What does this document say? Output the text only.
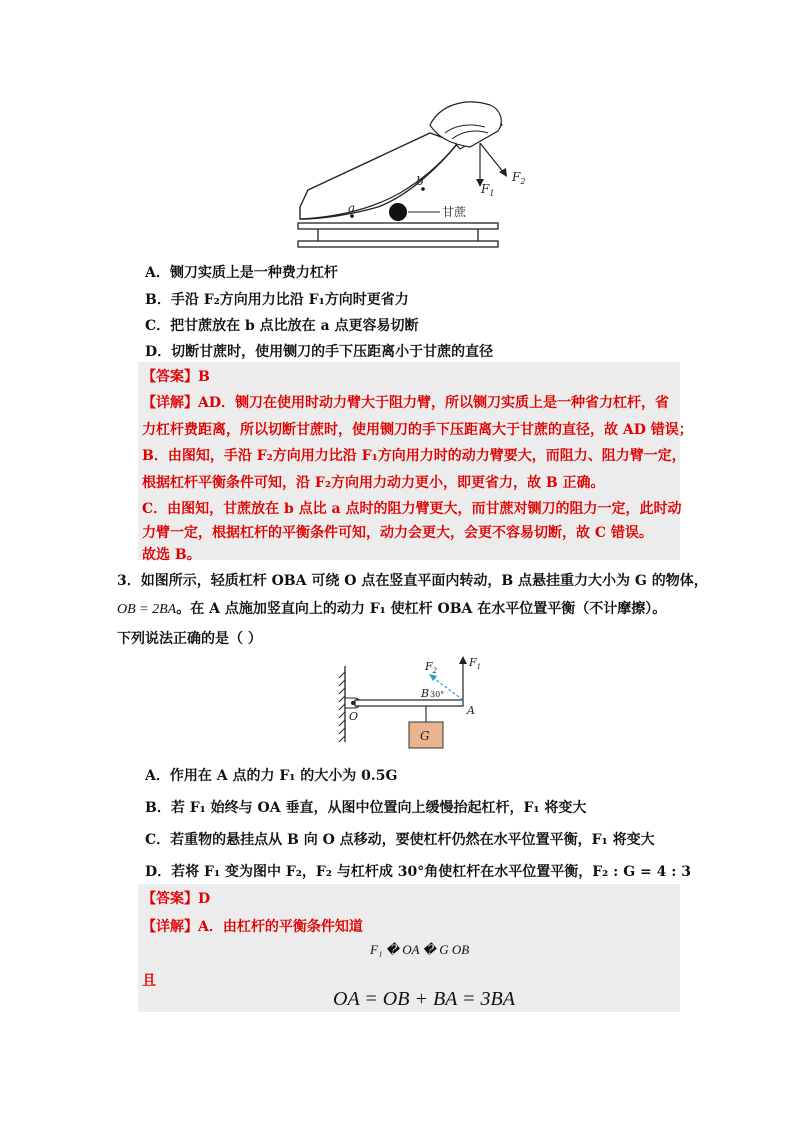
甘蔗
a
b
$F_1$
$F_2$
A．铡刀实质上是一种费力杠杆
B．手沿 F₂方向用力比沿 F₁方向时更省力
C．把甘蔗放在 b 点比放在 a 点更容易切断
D．切断甘蔗时，使用铡刀的手下压距离小于甘蔗的直径
【答案】B
【详解】AD．铡刀在使用时动力臂大于阻力臂，所以铡刀实质上是一种省力杠杆，省
力杠杆费距离，所以切断甘蔗时，使用铡刀的手下压距离大于甘蔗的直径，故 AD 错误；
B．由图知，手沿 F₂方向用力比沿 F₁方向用力时的动力臂要大，而阻力、阻力臂一定，
根据杠杆平衡条件可知，沿 F₂方向用力动力更小，即更省力，故 B 正确。
C．由图知，甘蔗放在 b 点比 a 点时的阻力臂更大，而甘蔗对铡刀的阻力一定，此时动
力臂一定，根据杠杆的平衡条件可知，动力会更大，会更不容易切断，故 C 错误。
故选 B。
3．如图所示，轻质杠杆 OBA 可绕 O 点在竖直平面内转动，B 点悬挂重力大小为 G 的物体，
OB = 2BA。在 A 点施加竖直向上的动力 F₁ 使杠杆 OBA 在水平位置平衡（不计摩擦）。
下列说法正确的是（ ）
G
$F_1$
$F_2$
B 30°
O	A
A．作用在 A 点的力 F₁ 的大小为 0.5G
B．若 F₁ 始终与 OA 垂直，从图中位置向上缓慢抬起杠杆，F₁ 将变大
C．若重物的悬挂点从 B 向 O 点移动，要使杠杆仍然在水平位置平衡，F₁ 将变大
D．若将 F₁ 变为图中 F₂，F₂ 与杠杆成 30°角使杠杆在水平位置平衡，F₂ : G = 4 : 3
【答案】D
【详解】A．由杠杆的平衡条件知道
F₁ � OA � G OB
且
OA = OB + BA = 3BA
